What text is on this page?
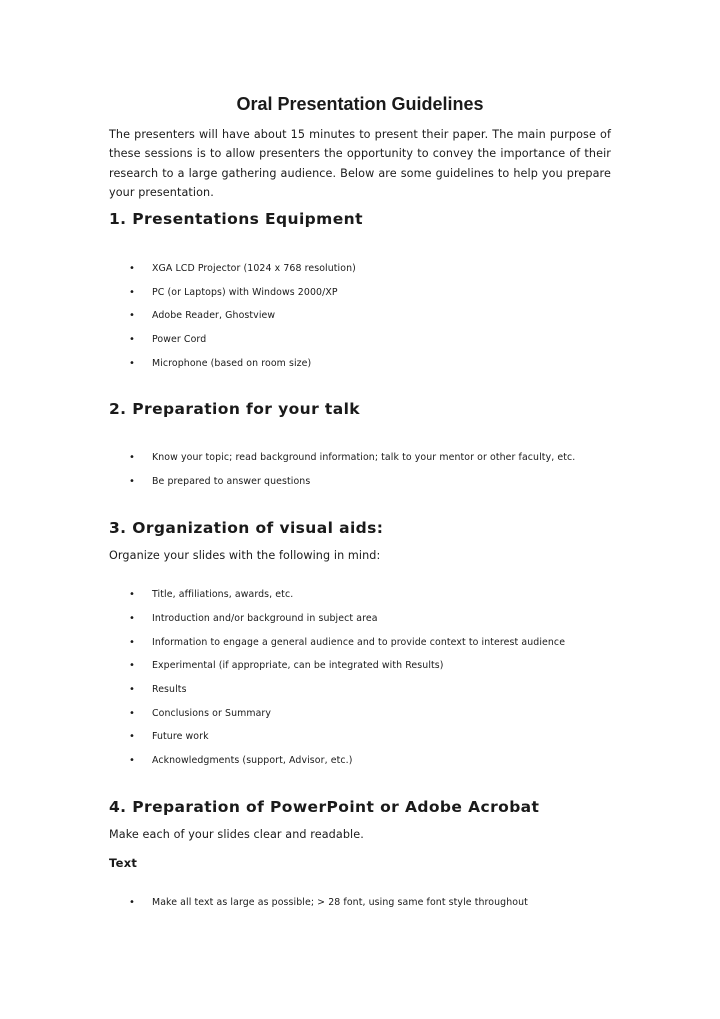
Oral Presentation Guidelines

The presenters will have about 15 minutes to present their paper. The main purpose of these sessions is to allow presenters the opportunity to convey the importance of their research to a large gathering audience. Below are some guidelines to help you prepare your presentation.

1. Presentations Equipment
• XGA LCD Projector (1024 x 768 resolution)
• PC (or Laptops) with Windows 2000/XP
• Adobe Reader, Ghostview
• Power Cord
• Microphone (based on room size)
2. Preparation for your talk
• Know your topic; read background information; talk to your mentor or other faculty, etc.
• Be prepared to answer questions
3. Organization of visual aids:

Organize your slides with the following in mind:

• Title, affiliations, awards, etc.
• Introduction and/or background in subject area
• Information to engage a general audience and to provide context to interest audience
• Experimental (if appropriate, can be integrated with Results)
• Results
• Conclusions or Summary
• Future work
• Acknowledgments (support, Advisor, etc.)
4. Preparation of PowerPoint or Adobe Acrobat

Make each of your slides clear and readable.

Text

• Make all text as large as possible; > 28 font, using same font style throughout
